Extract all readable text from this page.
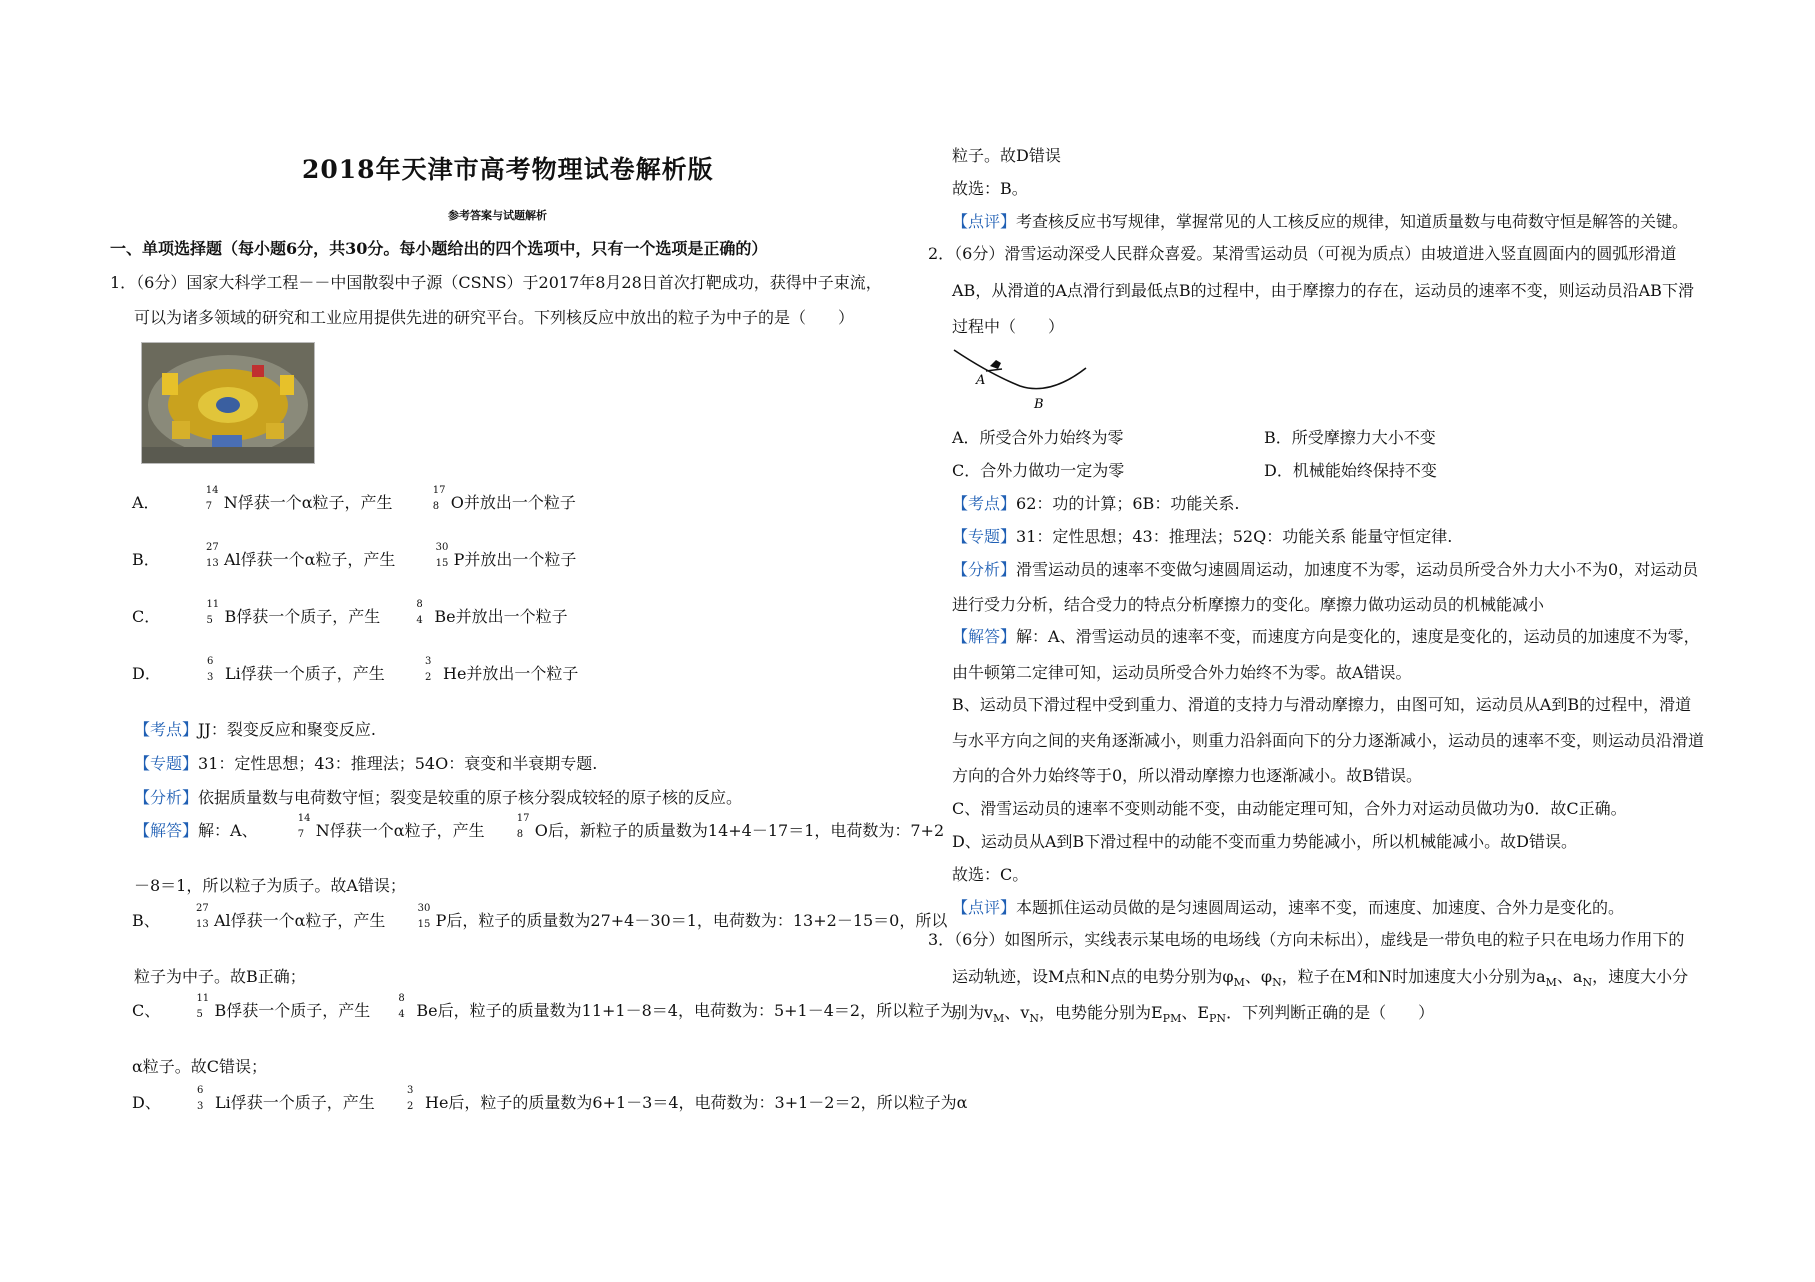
2018年天津市高考物理试卷解析版
参考答案与试题解析
一、单项选择题（每小题6分，共30分。每小题给出的四个选项中，只有一个选项是正确的）
1．（6分）国家大科学工程－－中国散裂中子源（CSNS）于2017年8月28日首次打靶成功，获得中子束流，
可以为诸多领域的研究和工业应用提供先进的研究平台。下列核反应中放出的粒子为中子的是（　　）
A．
14
7 N俘获一个α粒子，产生
17
8 O并放出一个粒子
B．
27
13 Al俘获一个α粒子，产生
30
15 P并放出一个粒子
C．
11
5 B俘获一个质子，产生
8
4 Be并放出一个粒子
D．
6
3 Li俘获一个质子，产生
3
2 He并放出一个粒子
【考点】JJ：裂变反应和聚变反应.
【专题】31：定性思想；43：推理法；54O：衰变和半衰期专题.
【分析】依据质量数与电荷数守恒；裂变是较重的原子核分裂成较轻的原子核的反应。
【解答】解：A、
14
7 N俘获一个α粒子，产生
17
8 O后，新粒子的质量数为14+4－17＝1，电荷数为：7+2
－8＝1，所以粒子为质子。故A错误；
B、
27
13 Al俘获一个α粒子，产生
30
15 P后，粒子的质量数为27+4－30＝1，电荷数为：13+2－15＝0，所以
粒子为中子。故B正确；
C、
11
5 B俘获一个质子，产生
8
4 Be后，粒子的质量数为11+1－8＝4，电荷数为：5+1－4＝2，所以粒子为
α粒子。故C错误；
D、
6
3 Li俘获一个质子，产生
3
2 He后，粒子的质量数为6+1－3＝4，电荷数为：3+1－2＝2，所以粒子为α
粒子。故D错误
故选：B。
【点评】考查核反应书写规律，掌握常见的人工核反应的规律，知道质量数与电荷数守恒是解答的关键。
2．（6分）滑雪运动深受人民群众喜爱。某滑雪运动员（可视为质点）由坡道进入竖直圆面内的圆弧形滑道
AB，从滑道的A点滑行到最低点B的过程中，由于摩擦力的存在，运动员的速率不变，则运动员沿AB下滑
过程中（　　）
A
B
A．所受合外力始终为零	B．所受摩擦力大小不变
C．合外力做功一定为零	D．机械能始终保持不变
【考点】62：功的计算；6B：功能关系.
【专题】31：定性思想；43：推理法；52Q：功能关系 能量守恒定律.
【分析】滑雪运动员的速率不变做匀速圆周运动，加速度不为零，运动员所受合外力大小不为0，对运动员
进行受力分析，结合受力的特点分析摩擦力的变化。摩擦力做功运动员的机械能减小
【解答】解：A、滑雪运动员的速率不变，而速度方向是变化的，速度是变化的，运动员的加速度不为零，
由牛顿第二定律可知，运动员所受合外力始终不为零。故A错误。
B、运动员下滑过程中受到重力、滑道的支持力与滑动摩擦力，由图可知，运动员从A到B的过程中，滑道
与水平方向之间的夹角逐渐减小，则重力沿斜面向下的分力逐渐减小，运动员的速率不变，则运动员沿滑道
方向的合外力始终等于0，所以滑动摩擦力也逐渐减小。故B错误。
C、滑雪运动员的速率不变则动能不变，由动能定理可知，合外力对运动员做功为0．故C正确。
D、运动员从A到B下滑过程中的动能不变而重力势能减小，所以机械能减小。故D错误。
故选：C。
【点评】本题抓住运动员做的是匀速圆周运动，速率不变，而速度、加速度、合外力是变化的。
3．（6分）如图所示，实线表示某电场的电场线（方向未标出），虚线是一带负电的粒子只在电场力作用下的
运动轨迹，设M点和N点的电势分别为$\varphi_M$、$\varphi_N$，粒子在M和N时加速度大小分别为$a_M$、$a_N$，速度大小分
别为$v_M$、$v_N$，电势能分别为$E_{PM}$、$E_{PN}$．下列判断正确的是（　　）
